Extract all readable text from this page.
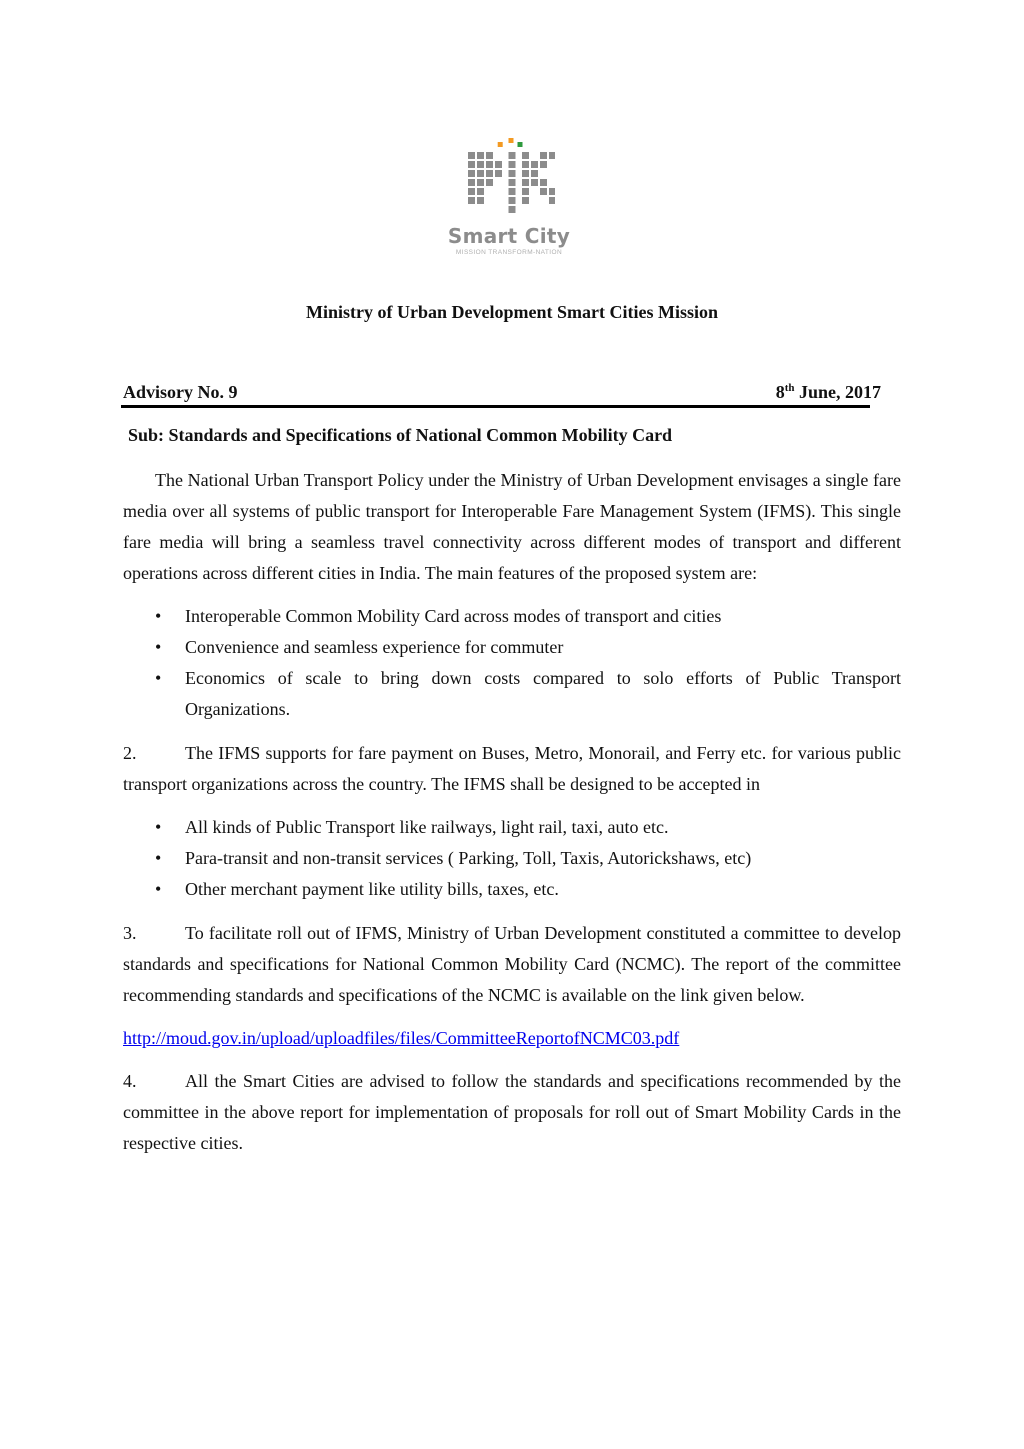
Smart City
MISSION TRANSFORM-NATION
Ministry of Urban Development Smart Cities Mission
Advisory No. 9	8th June, 2017
Sub: Standards and Specifications of National Common Mobility Card

The National Urban Transport Policy under the Ministry of Urban Development envisages a single fare media over all systems of public transport for Interoperable Fare Management System (IFMS). This single fare media will bring a seamless travel connectivity across different modes of transport and different operations across different cities in India. The main features of the proposed system are:

• Interoperable Common Mobility Card across modes of transport and cities
• Convenience and seamless experience for commuter
• Economics of scale to bring down costs compared to solo efforts of Public Transport Organizations.

2.	The IFMS supports for fare payment on Buses, Metro, Monorail, and Ferry etc. for various public transport organizations across the country. The IFMS shall be designed to be accepted in

• All kinds of Public Transport like railways, light rail, taxi, auto etc.
• Para-transit and non-transit services ( Parking, Toll, Taxis, Autorickshaws, etc)
• Other merchant payment like utility bills, taxes, etc.

3.	To facilitate roll out of IFMS, Ministry of Urban Development constituted a committee to develop standards and specifications for National Common Mobility Card (NCMC). The report of the committee recommending standards and specifications of the NCMC is available on the link given below.

http://moud.gov.in/upload/uploadfiles/files/CommitteeReportofNCMC03.pdf

4.	All the Smart Cities are advised to follow the standards and specifications recommended by the committee in the above report for implementation of proposals for roll out of Smart Mobility Cards in the respective cities.
